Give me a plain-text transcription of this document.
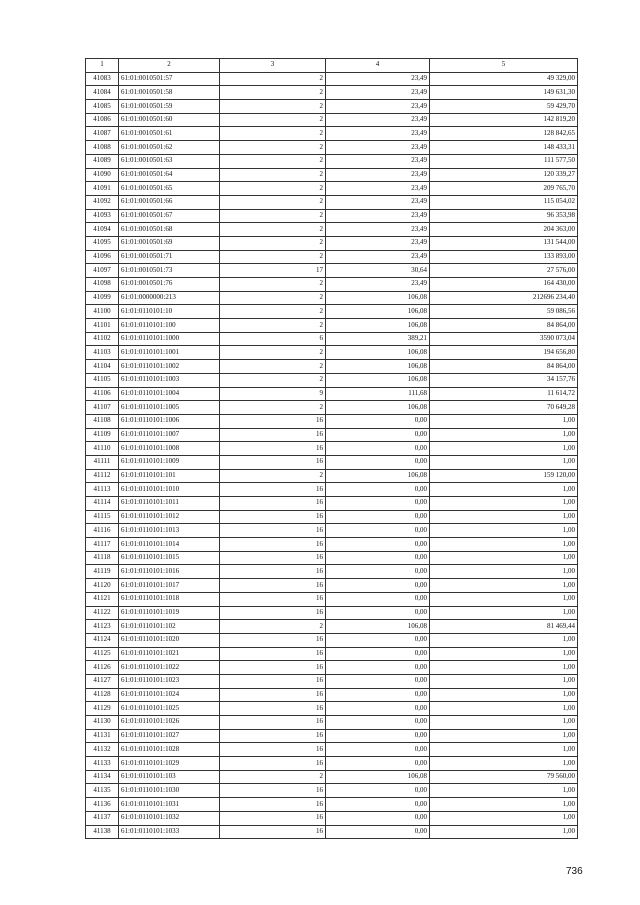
1	2	3	4	5
41083	61:01:0010501:57	2	23,49	49 329,00
41084	61:01:0010501:58	2	23,49	149 631,30
41085	61:01:0010501:59	2	23,49	59 429,70
41086	61:01:0010501:60	2	23,49	142 819,20
41087	61:01:0010501:61	2	23,49	128 842,65
41088	61:01:0010501:62	2	23,49	148 433,31
41089	61:01:0010501:63	2	23,49	111 577,50
41090	61:01:0010501:64	2	23,49	120 339,27
41091	61:01:0010501:65	2	23,49	209 765,70
41092	61:01:0010501:66	2	23,49	115 054,02
41093	61:01:0010501:67	2	23,49	96 353,98
41094	61:01:0010501:68	2	23,49	204 363,00
41095	61:01:0010501:69	2	23,49	131 544,00
41096	61:01:0010501:71	2	23,49	133 893,00
41097	61:01:0010501:73	17	30,64	27 576,00
41098	61:01:0010501:76	2	23,49	164 430,00
41099	61:01:0000000:213	2	106,08	212696 234,40
41100	61:01:0110101:10	2	106,08	59 086,56
41101	61:01:0110101:100	2	106,08	84 864,00
41102	61:01:0110101:1000	6	389,21	3590 073,04
41103	61:01:0110101:1001	2	106,08	194 656,80
41104	61:01:0110101:1002	2	106,08	84 864,00
41105	61:01:0110101:1003	2	106,08	34 157,76
41106	61:01:0110101:1004	9	111,68	11 614,72
41107	61:01:0110101:1005	2	106,08	70 649,28
41108	61:01:0110101:1006	16	0,00	1,00
41109	61:01:0110101:1007	16	0,00	1,00
41110	61:01:0110101:1008	16	0,00	1,00
41111	61:01:0110101:1009	16	0,00	1,00
41112	61:01:0110101:101	2	106,08	159 120,00
41113	61:01:0110101:1010	16	0,00	1,00
41114	61:01:0110101:1011	16	0,00	1,00
41115	61:01:0110101:1012	16	0,00	1,00
41116	61:01:0110101:1013	16	0,00	1,00
41117	61:01:0110101:1014	16	0,00	1,00
41118	61:01:0110101:1015	16	0,00	1,00
41119	61:01:0110101:1016	16	0,00	1,00
41120	61:01:0110101:1017	16	0,00	1,00
41121	61:01:0110101:1018	16	0,00	1,00
41122	61:01:0110101:1019	16	0,00	1,00
41123	61:01:0110101:102	2	106,08	81 469,44
41124	61:01:0110101:1020	16	0,00	1,00
41125	61:01:0110101:1021	16	0,00	1,00
41126	61:01:0110101:1022	16	0,00	1,00
41127	61:01:0110101:1023	16	0,00	1,00
41128	61:01:0110101:1024	16	0,00	1,00
41129	61:01:0110101:1025	16	0,00	1,00
41130	61:01:0110101:1026	16	0,00	1,00
41131	61:01:0110101:1027	16	0,00	1,00
41132	61:01:0110101:1028	16	0,00	1,00
41133	61:01:0110101:1029	16	0,00	1,00
41134	61:01:0110101:103	2	106,08	79 560,00
41135	61:01:0110101:1030	16	0,00	1,00
41136	61:01:0110101:1031	16	0,00	1,00
41137	61:01:0110101:1032	16	0,00	1,00
41138	61:01:0110101:1033	16	0,00	1,00
736
